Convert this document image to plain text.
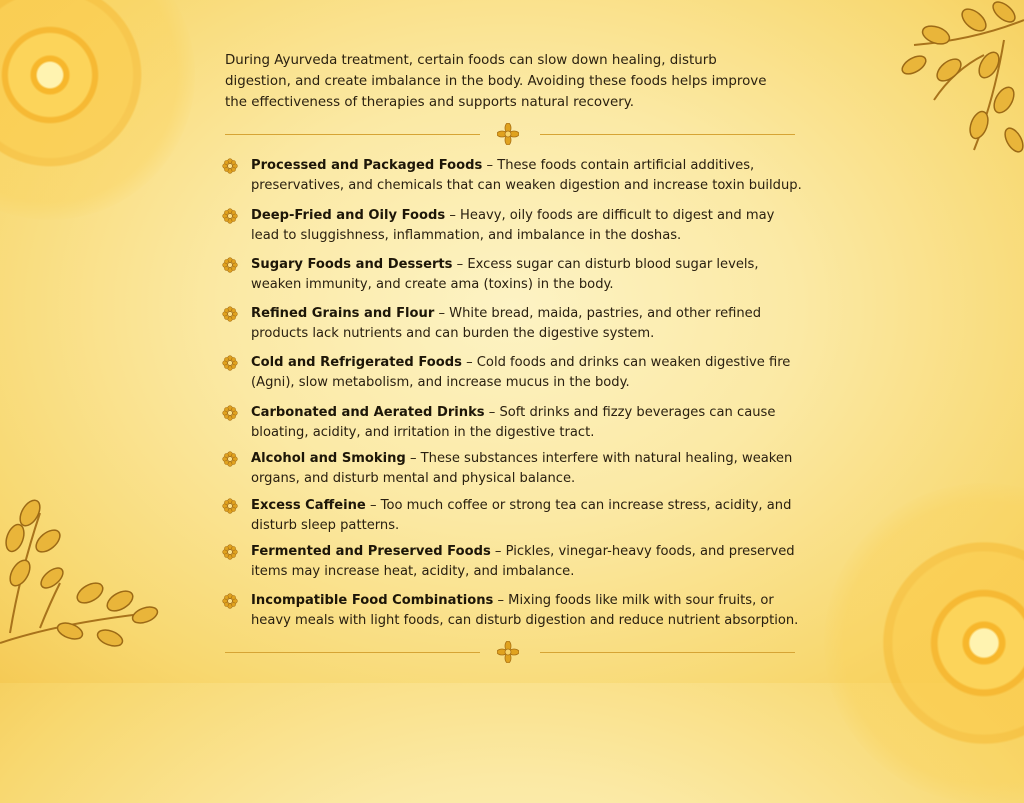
During Ayurveda treatment, certain foods can slow down healing, disturb digestion, and create imbalance in the body. Avoiding these foods helps improve the effectiveness of therapies and supports natural recovery.
Processed and Packaged Foods – These foods contain artificial additives, preservatives, and chemicals that can weaken digestion and increase toxin buildup.
Deep-Fried and Oily Foods – Heavy, oily foods are difficult to digest and may lead to sluggishness, inflammation, and imbalance in the doshas.
Sugary Foods and Desserts – Excess sugar can disturb blood sugar levels, weaken immunity, and create ama (toxins) in the body.
Refined Grains and Flour – White bread, maida, pastries, and other refined products lack nutrients and can burden the digestive system.
Cold and Refrigerated Foods – Cold foods and drinks can weaken digestive fire (Agni), slow metabolism, and increase mucus in the body.
Carbonated and Aerated Drinks – Soft drinks and fizzy beverages can cause bloating, acidity, and irritation in the digestive tract.
Alcohol and Smoking – These substances interfere with natural healing, weaken organs, and disturb mental and physical balance.
Excess Caffeine – Too much coffee or strong tea can increase stress, acidity, and disturb sleep patterns.
Fermented and Preserved Foods – Pickles, vinegar-heavy foods, and preserved items may increase heat, acidity, and imbalance.
Incompatible Food Combinations – Mixing foods like milk with sour fruits, or heavy meals with light foods, can disturb digestion and reduce nutrient absorption.
